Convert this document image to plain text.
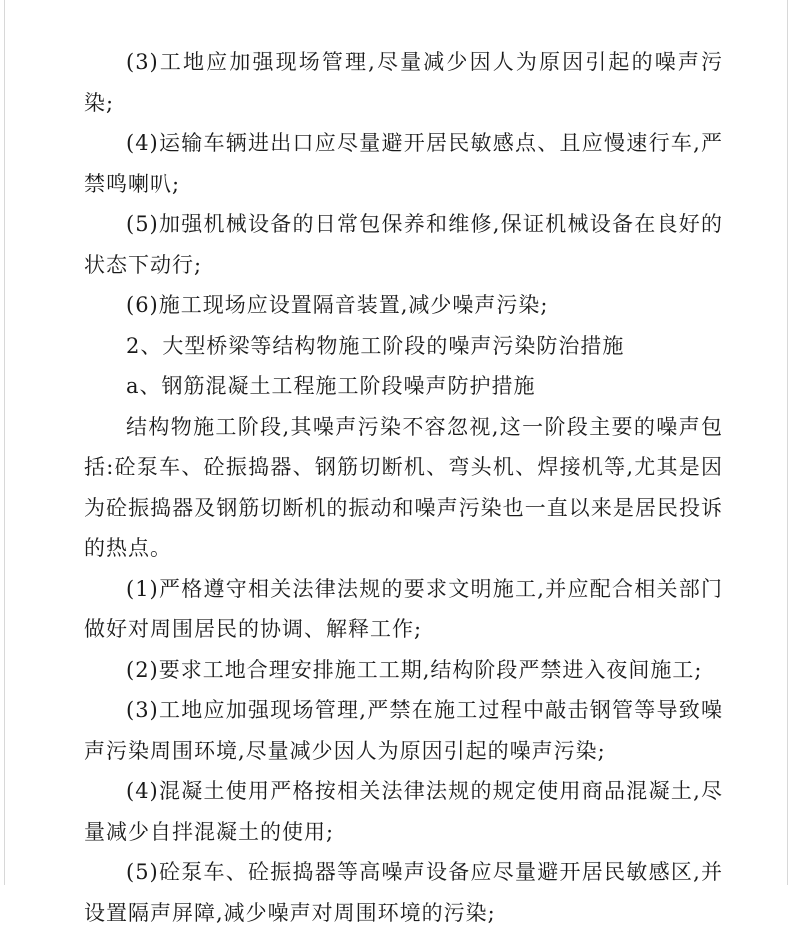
(3)工地应加强现场管理,尽量减少因人为原因引起的噪声污染;

(4)运输车辆进出口应尽量避开居民敏感点、且应慢速行车,严禁鸣喇叭;

(5)加强机械设备的日常包保养和维修,保证机械设备在良好的状态下动行;

(6)施工现场应设置隔音装置,减少噪声污染;

2、大型桥梁等结构物施工阶段的噪声污染防治措施

a、钢筋混凝土工程施工阶段噪声防护措施

结构物施工阶段,其噪声污染不容忽视,这一阶段主要的噪声包括:砼泵车、砼振捣器、钢筋切断机、弯头机、焊接机等,尤其是因为砼振捣器及钢筋切断机的振动和噪声污染也一直以来是居民投诉的热点。

(1)严格遵守相关法律法规的要求文明施工,并应配合相关部门做好对周围居民的协调、解释工作;

(2)要求工地合理安排施工工期,结构阶段严禁进入夜间施工;

(3)工地应加强现场管理,严禁在施工过程中敲击钢管等导致噪声污染周围环境,尽量减少因人为原因引起的噪声污染;

(4)混凝土使用严格按相关法律法规的规定使用商品混凝土,尽量减少自拌混凝土的使用;

(5)砼泵车、砼振捣器等高噪声设备应尽量避开居民敏感区,并设置隔声屏障,减少噪声对周围环境的污染;
